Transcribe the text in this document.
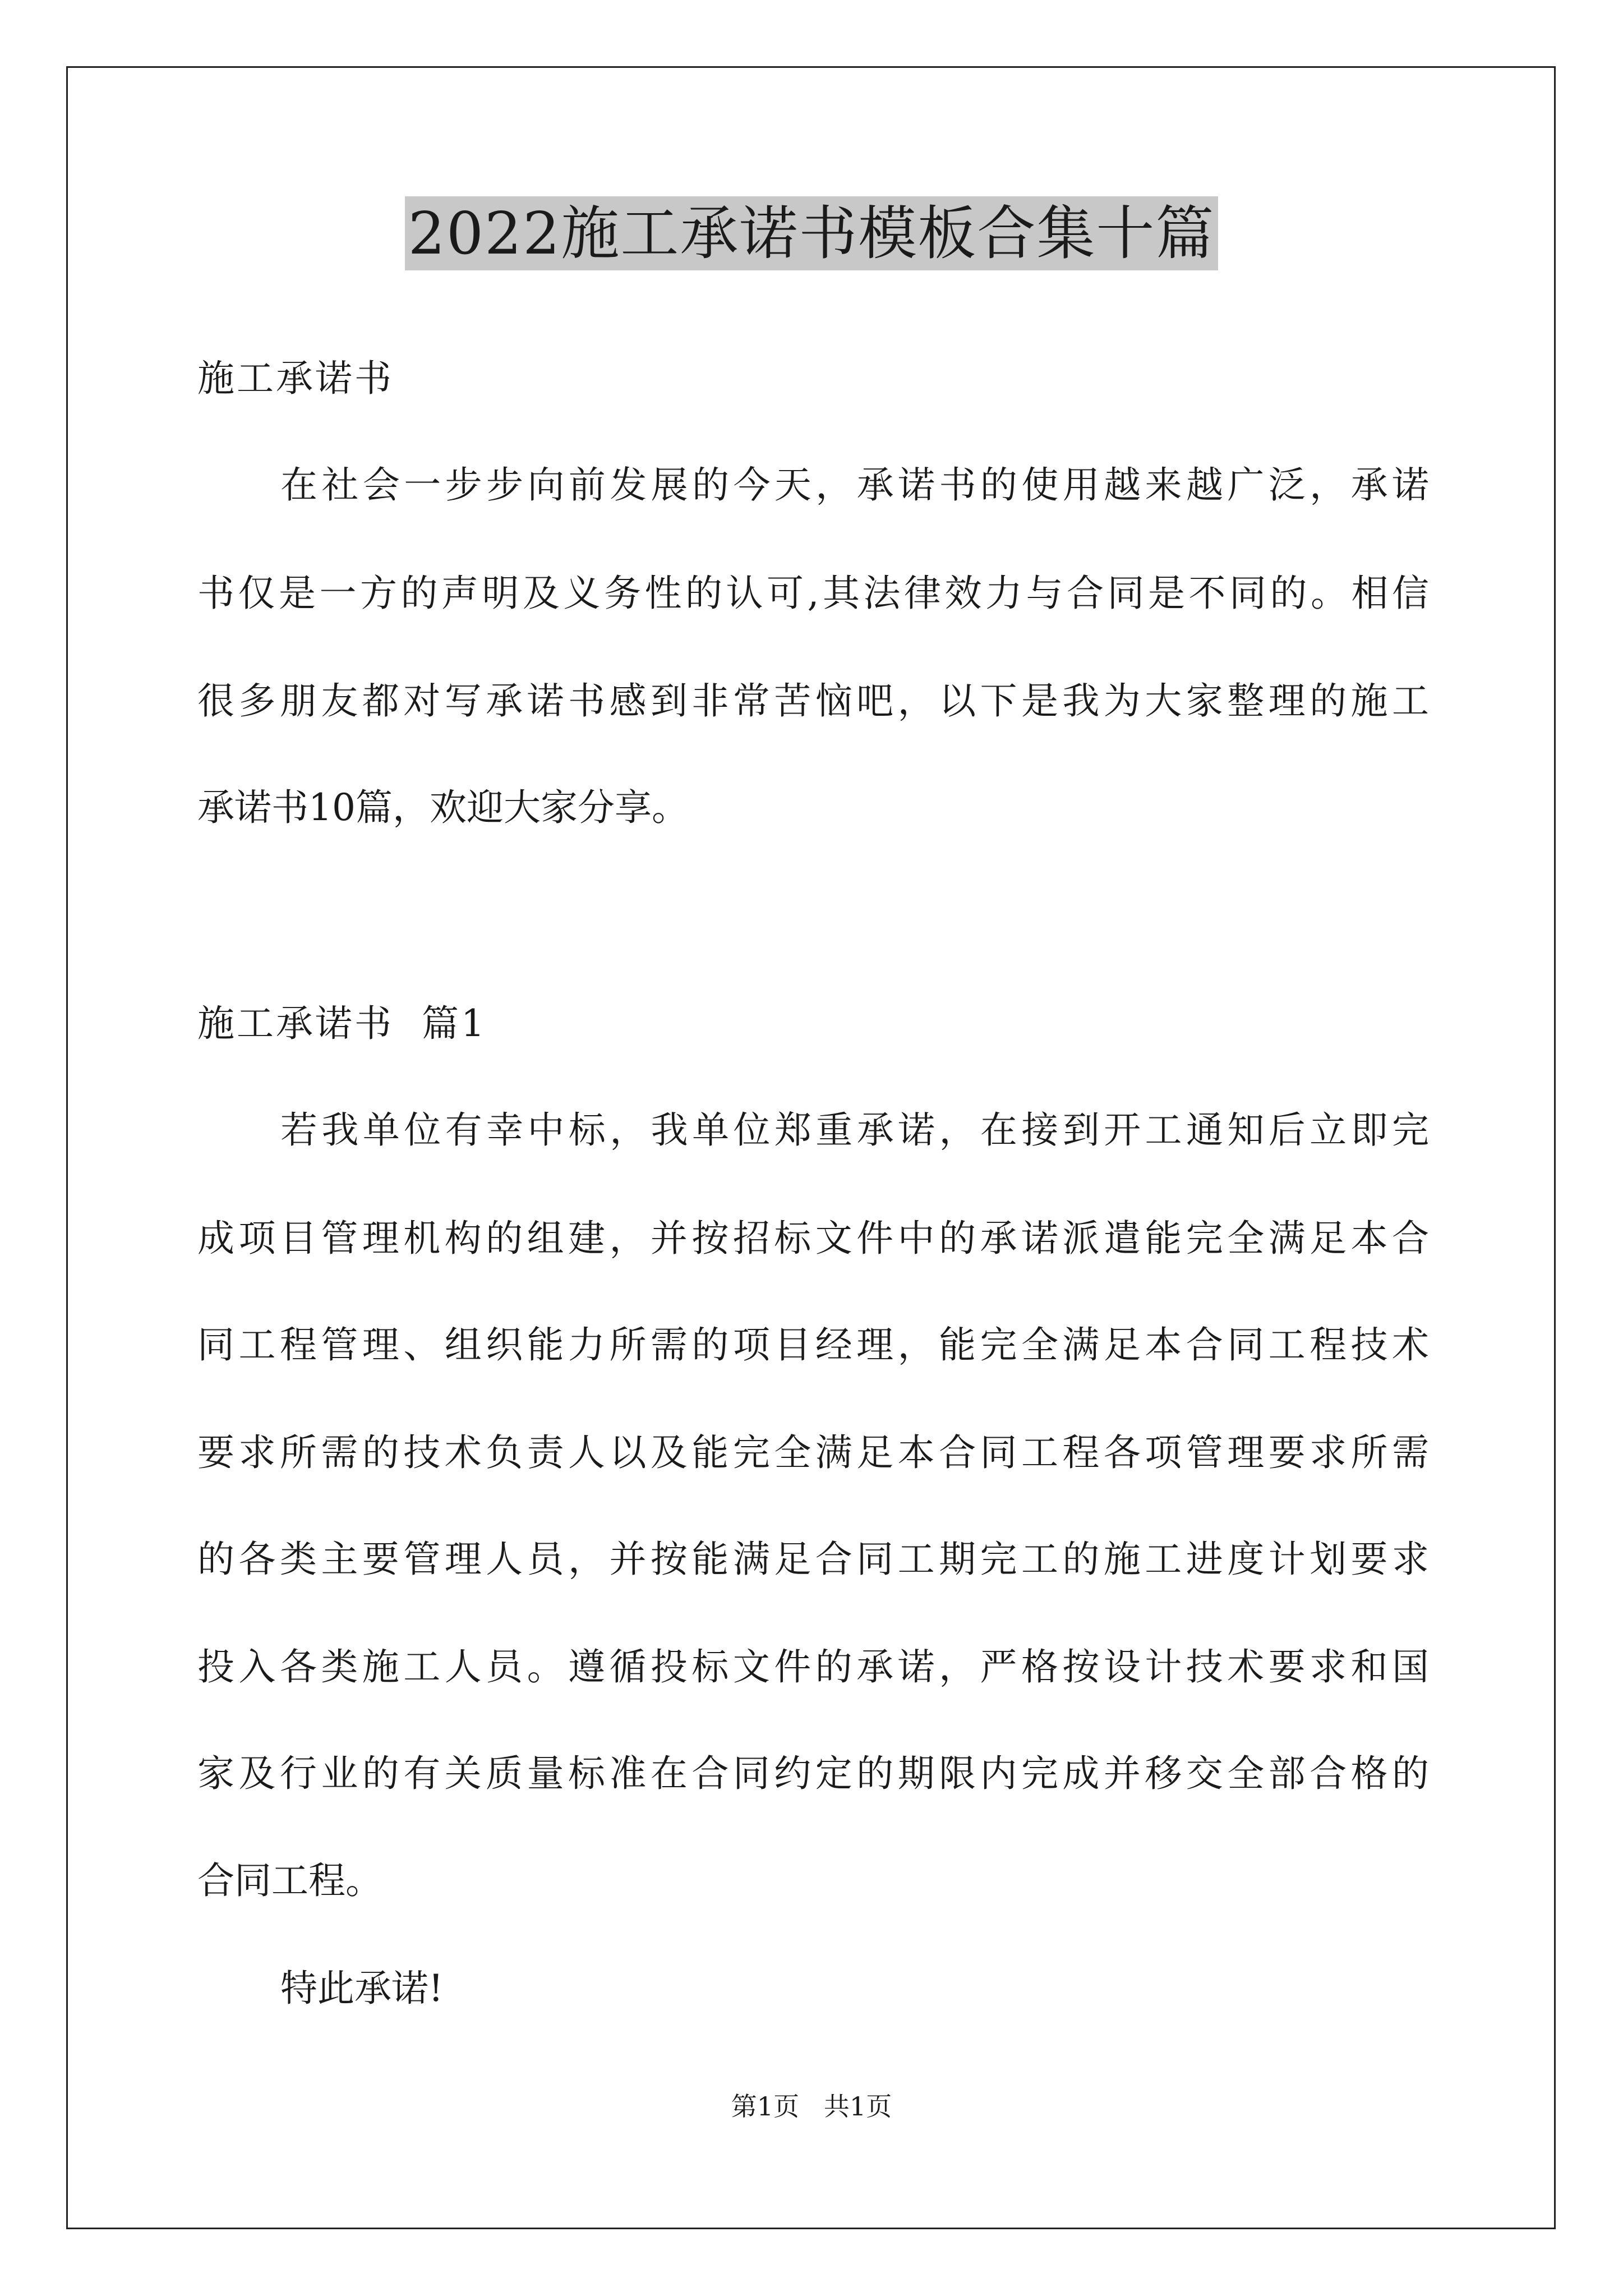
2022施工承诺书模板合集十篇
施工承诺书
在社会一步步向前发展的今天，承诺书的使用越来越广泛，承诺
书仅是一方的声明及义务性的认可,其法律效力与合同是不同的。相信
很多朋友都对写承诺书感到非常苦恼吧，以下是我为大家整理的施工
承诺书10篇，欢迎大家分享。
施工承诺书  篇1
若我单位有幸中标，我单位郑重承诺，在接到开工通知后立即完
成项目管理机构的组建，并按招标文件中的承诺派遣能完全满足本合
同工程管理、组织能力所需的项目经理，能完全满足本合同工程技术
要求所需的技术负责人以及能完全满足本合同工程各项管理要求所需
的各类主要管理人员，并按能满足合同工期完工的施工进度计划要求
投入各类施工人员。遵循投标文件的承诺，严格按设计技术要求和国
家及行业的有关质量标准在合同约定的期限内完成并移交全部合格的
合同工程。
特此承诺!
第1页   共1页
